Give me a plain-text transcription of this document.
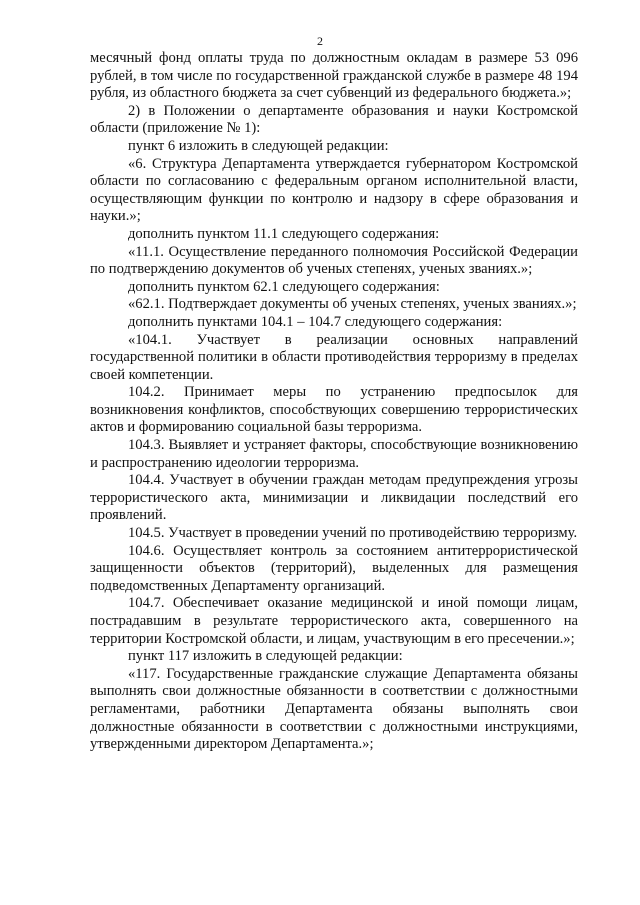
2

месячный фонд оплаты труда по должностным окладам в размере 53 096 рублей, в том числе по государственной гражданской службе в размере 48 194 рубля, из областного бюджета за счет субвенций из федерального бюджета.»;

2) в Положении о департаменте образования и науки Костромской области (приложение № 1):

пункт 6 изложить в следующей редакции:

«6. Структура Департамента утверждается губернатором Костромской области по согласованию с федеральным органом исполнительной власти, осуществляющим функции по контролю и надзору в сфере образования и науки.»;

дополнить пунктом 11.1 следующего содержания:

«11.1. Осуществление переданного полномочия Российской Федерации по подтверждению документов об ученых степенях, ученых званиях.»;

дополнить пунктом 62.1 следующего содержания:

«62.1. Подтверждает документы об ученых степенях, ученых званиях.»;

дополнить пунктами 104.1 – 104.7 следующего содержания:

«104.1. Участвует в реализации основных направлений государственной политики в области противодействия терроризму в пределах своей компетенции.

104.2. Принимает меры по устранению предпосылок для возникновения конфликтов, способствующих совершению террористических актов и формированию социальной базы терроризма.

104.3. Выявляет и устраняет факторы, способствующие возникновению и распространению идеологии терроризма.

104.4. Участвует в обучении граждан методам предупреждения угрозы террористического акта, минимизации и ликвидации последствий его проявлений.

104.5. Участвует в проведении учений по противодействию терроризму.

104.6. Осуществляет контроль за состоянием антитеррористической защищенности объектов (территорий), выделенных для размещения подведомственных Департаменту организаций.

104.7. Обеспечивает оказание медицинской и иной помощи лицам, пострадавшим в результате террористического акта, совершенного на территории Костромской области, и лицам, участвующим в его пресечении.»;

пункт 117 изложить в следующей редакции:

«117. Государственные гражданские служащие Департамента обязаны выполнять свои должностные обязанности в соответствии с должностными регламентами, работники Департамента обязаны выполнять свои должностные обязанности в соответствии с должностными инструкциями, утвержденными директором Департамента.»;
